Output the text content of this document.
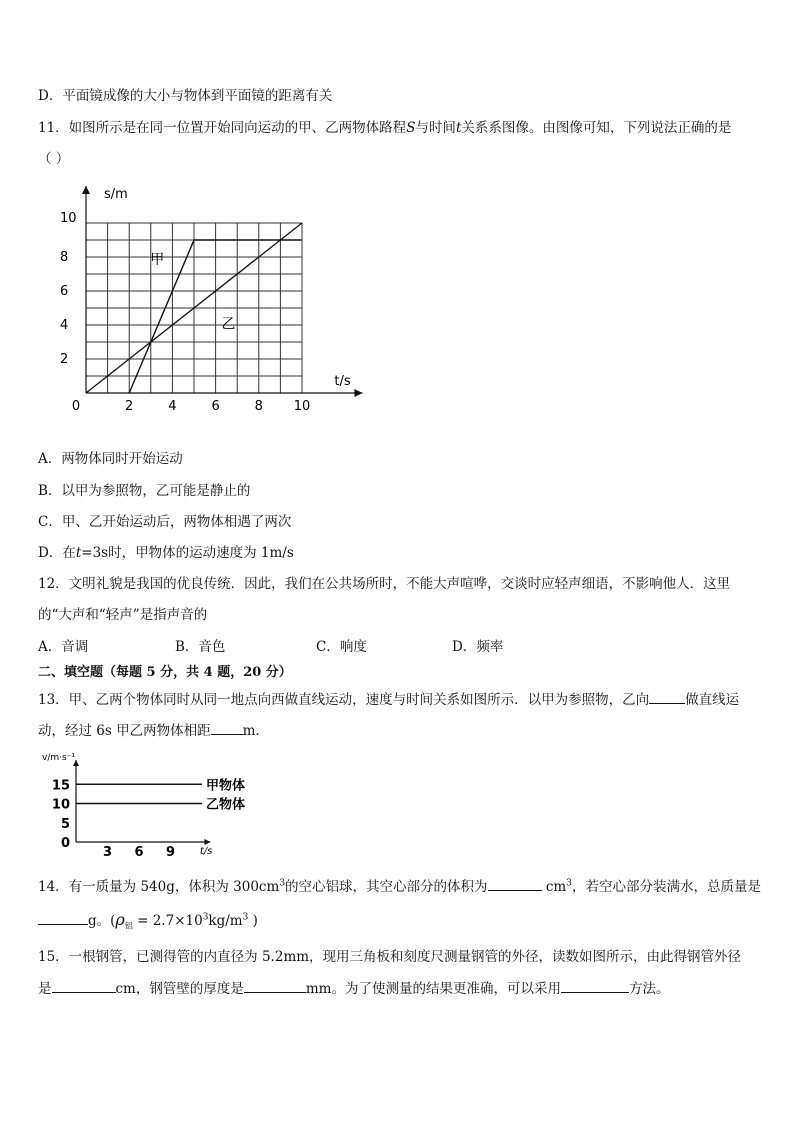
D．平面镜成像的大小与物体到平面镜的距离有关
11．如图所示是在同一位置开始同向运动的甲、乙两物体路程S与时间t关系系图像。由图像可知，下列说法正确的是
（ ）
s/m
t/s
0	2	4	6	8 10
2
4
6
8
10
甲
乙
A．两物体同时开始运动
B．以甲为参照物，乙可能是静止的
C．甲、乙开始运动后，两物体相遇了两次
D．在t=3s时，甲物体的运动速度为 1m/s
12．文明礼貌是我国的优良传统．因此，我们在公共场所时，不能大声喧哗，交谈时应轻声细语，不影响他人．这里
的“大声和“轻声”是指声音的
A．音调	B．音色	C．响度	D．频率
二、填空题（每题 5 分，共 4 题，20 分）
13．甲、乙两个物体同时从同一地点向西做直线运动，速度与时间关系如图所示．以甲为参照物，乙向	做直线运
动，经过 6s 甲乙两物体相距 m．
v/m·s⁻¹
t/s
0
5
10
15
3 6 9
甲物体
乙物体
14．有一质量为 540g，体积为 $300cm^3$的空心铝球，其空心部分的体积为	$cm^3$，若空心部分装满水，总质量是
g。($\rho_铝 = 2.7\times 10^3kg/m^3$ )
15．一根钢管，已测得管的内直径为 5.2mm，现用三角板和刻度尺测量钢管的外径，读数如图所示，由此得钢管外径
是	cm，钢管壁的厚度是	mm。为了使测量的结果更准确，可以采用	方法。
